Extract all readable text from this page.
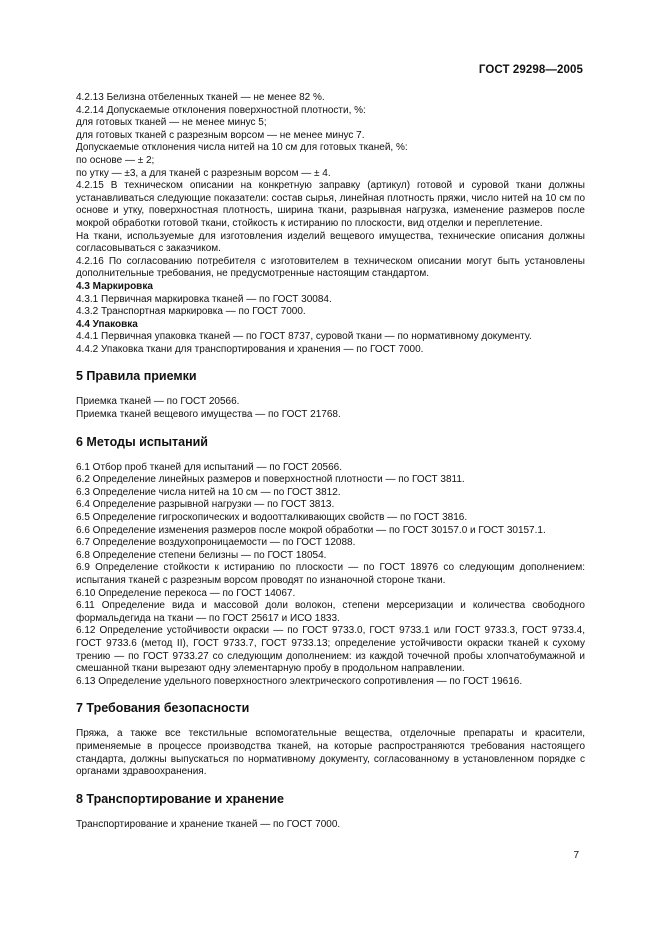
ГОСТ 29298—2005

4.2.13 Белизна отбеленных тканей — не менее 82 %.

4.2.14 Допускаемые отклонения поверхностной плотности, %:

для готовых тканей — не менее минус 5;

для готовых тканей с разрезным ворсом — не менее минус 7.

Допускаемые отклонения числа нитей на 10 см для готовых тканей, %:

по основе — ± 2;

по утку — ±3, а для тканей с разрезным ворсом — ± 4.

4.2.15 В техническом описании на конкретную заправку (артикул) готовой и суровой ткани должны устанавливаться следующие показатели: состав сырья, линейная плотность пряжи, число нитей на 10 см по основе и утку, поверхностная плотность, ширина ткани, разрывная нагрузка, изменение размеров после мокрой обработки готовой ткани, стойкость к истиранию по плоскости, вид отделки и переплетение.

На ткани, используемые для изготовления изделий вещевого имущества, технические описания должны согласовываться с заказчиком.

4.2.16 По согласованию потребителя с изготовителем в техническом описании могут быть установлены дополнительные требования, не предусмотренные настоящим стандартом.

4.3 Маркировка

4.3.1 Первичная маркировка тканей — по ГОСТ 30084.

4.3.2 Транспортная маркировка — по ГОСТ 7000.

4.4 Упаковка

4.4.1 Первичная упаковка тканей — по ГОСТ 8737, суровой ткани — по нормативному документу.

4.4.2 Упаковка ткани для транспортирования и хранения — по ГОСТ 7000.

5 Правила приемки

Приемка тканей — по ГОСТ 20566.

Приемка тканей вещевого имущества — по ГОСТ 21768.

6 Методы испытаний

6.1 Отбор проб тканей для испытаний — по ГОСТ 20566.

6.2 Определение линейных размеров и поверхностной плотности — по ГОСТ 3811.

6.3 Определение числа нитей на 10 см — по ГОСТ 3812.

6.4 Определение разрывной нагрузки — по ГОСТ 3813.

6.5 Определение гигроскопических и водоотталкивающих свойств — по ГОСТ 3816.

6.6 Определение изменения размеров после мокрой обработки — по ГОСТ 30157.0 и ГОСТ 30157.1.

6.7 Определение воздухопроницаемости — по ГОСТ 12088.

6.8 Определение степени белизны — по ГОСТ 18054.

6.9 Определение стойкости к истиранию по плоскости — по ГОСТ 18976 со следующим дополнением: испытания тканей с разрезным ворсом проводят по изнаночной стороне ткани.

6.10 Определение перекоса — по ГОСТ 14067.

6.11 Определение вида и массовой доли волокон, степени мерсеризации и количества свободного формальдегида на ткани — по ГОСТ 25617 и ИСО 1833.

6.12 Определение устойчивости окраски — по ГОСТ 9733.0, ГОСТ 9733.1 или ГОСТ 9733.3, ГОСТ 9733.4, ГОСТ 9733.6 (метод II), ГОСТ 9733.7, ГОСТ 9733.13; определение устойчивости окраски тканей к сухому трению — по ГОСТ 9733.27 со следующим дополнением: из каждой точечной пробы хлопчатобумажной и смешанной ткани вырезают одну элементарную пробу в продольном направлении.

6.13 Определение удельного поверхностного электрического сопротивления — по ГОСТ 19616.

7 Требования безопасности

Пряжа, а также все текстильные вспомогательные вещества, отделочные препараты и красители, применяемые в процессе производства тканей, на которые распространяются требования настоящего стандарта, должны выпускаться по нормативному документу, согласованному в установленном порядке с органами здравоохранения.

8 Транспортирование и хранение

Транспортирование и хранение тканей — по ГОСТ 7000.

7
